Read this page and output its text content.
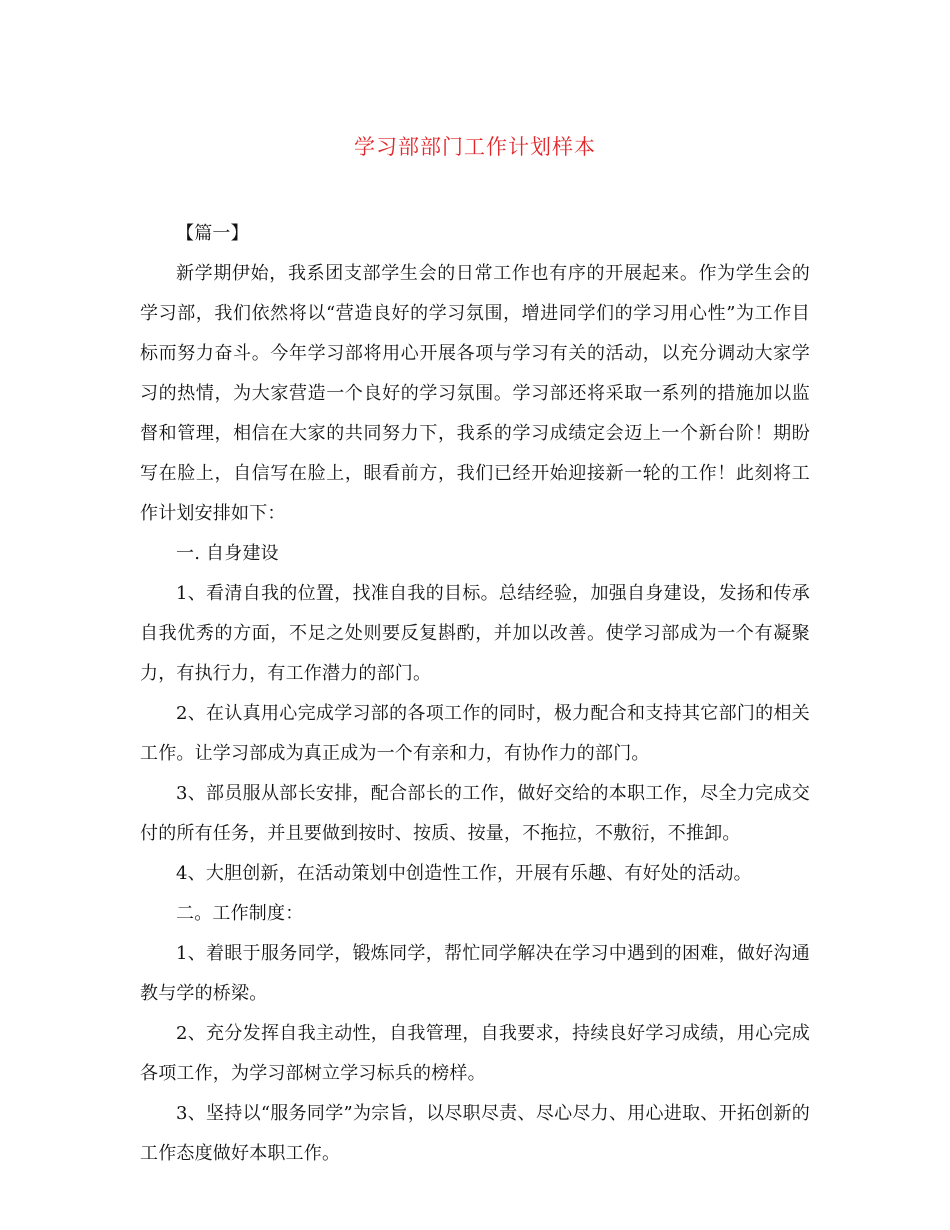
学习部部门工作计划样本

【篇一】

新学期伊始，我系团支部学生会的日常工作也有序的开展起来。作为学生会的学习部，我们依然将以“营造良好的学习氛围，增进同学们的学习用心性”为工作目标而努力奋斗。今年学习部将用心开展各项与学习有关的活动，以充分调动大家学习的热情，为大家营造一个良好的学习氛围。学习部还将采取一系列的措施加以监督和管理，相信在大家的共同努力下，我系的学习成绩定会迈上一个新台阶！期盼写在脸上，自信写在脸上，眼看前方，我们已经开始迎接新一轮的工作！此刻将工作计划安排如下：

一. 自身建设

1、看清自我的位置，找准自我的目标。总结经验，加强自身建设，发扬和传承自我优秀的方面，不足之处则要反复斟酌，并加以改善。使学习部成为一个有凝聚力，有执行力，有工作潜力的部门。

2、在认真用心完成学习部的各项工作的同时，极力配合和支持其它部门的相关工作。让学习部成为真正成为一个有亲和力，有协作力的部门。

3、部员服从部长安排，配合部长的工作，做好交给的本职工作，尽全力完成交付的所有任务，并且要做到按时、按质、按量，不拖拉，不敷衍，不推卸。

4、大胆创新，在活动策划中创造性工作，开展有乐趣、有好处的活动。

二。工作制度：

1、着眼于服务同学，锻炼同学，帮忙同学解决在学习中遇到的困难，做好沟通教与学的桥梁。

2、充分发挥自我主动性，自我管理，自我要求，持续良好学习成绩，用心完成各项工作，为学习部树立学习标兵的榜样。

3、坚持以“服务同学”为宗旨，以尽职尽责、尽心尽力、用心进取、开拓创新的工作态度做好本职工作。
